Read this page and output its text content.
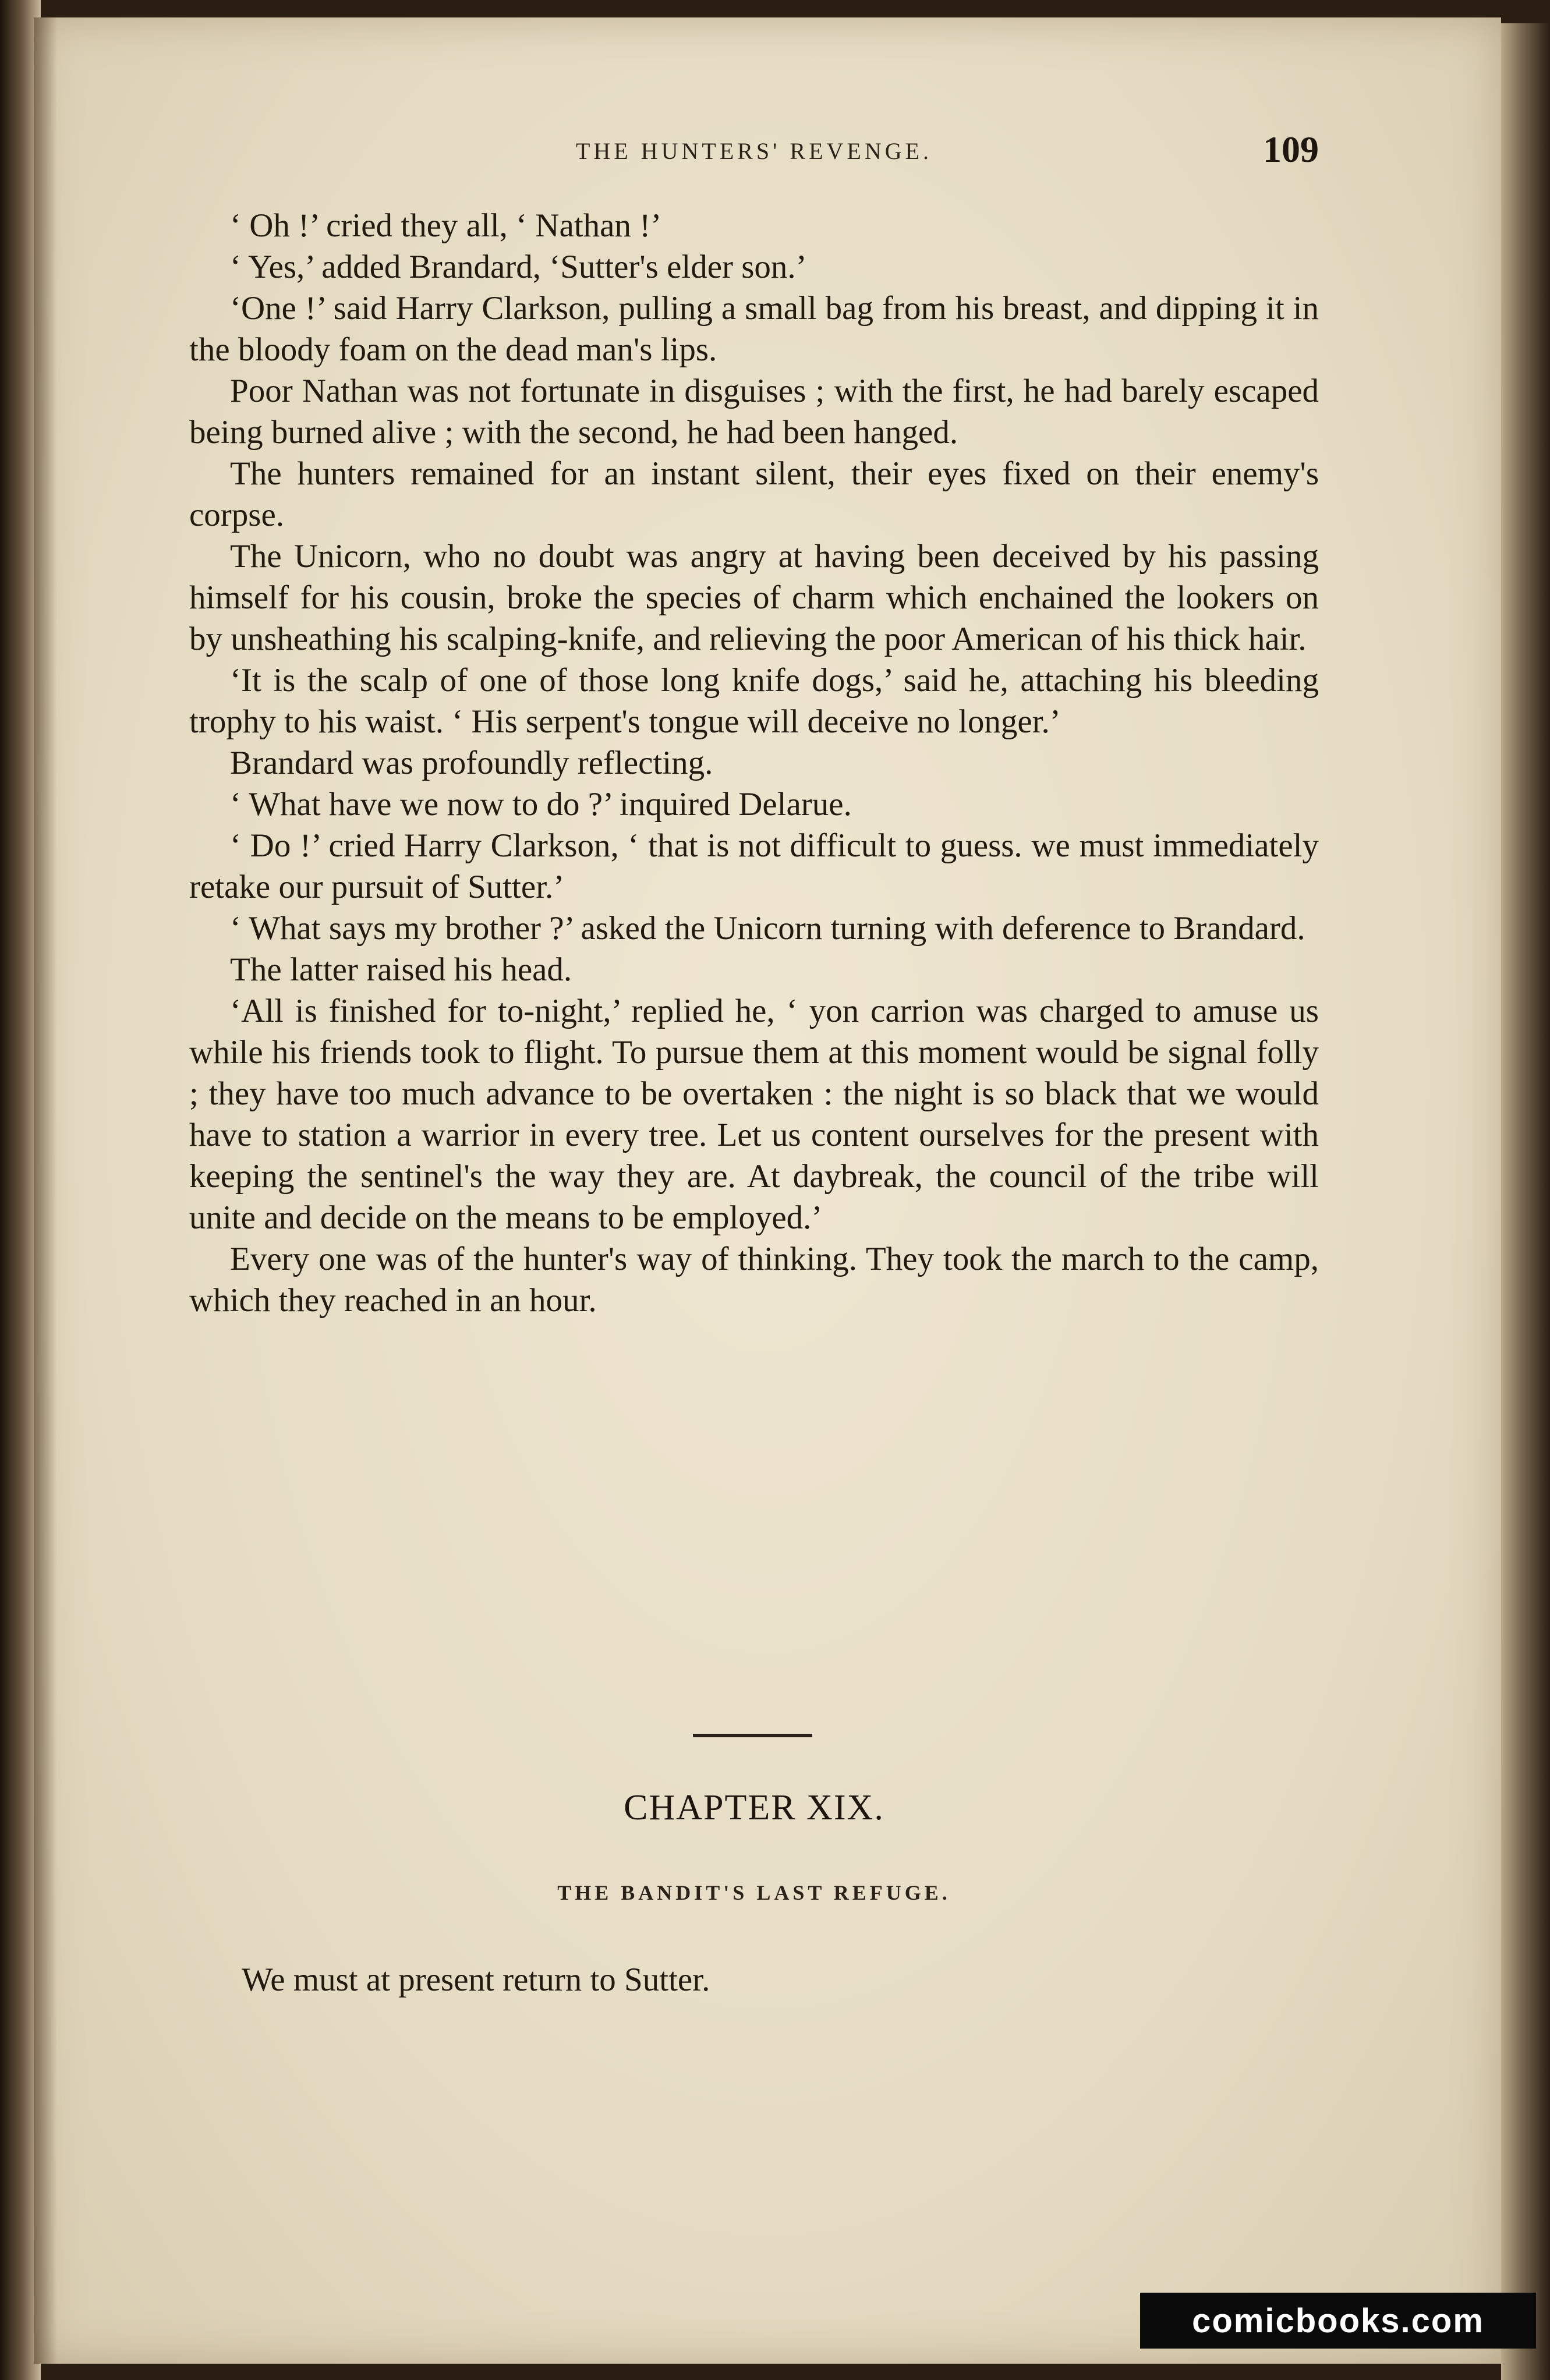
THE HUNTERS' REVENGE.	109

‘ Oh !’ cried they all, ‘ Nathan !’

‘ Yes,’ added Brandard, ‘Sutter's elder son.’

‘One !’ said Harry Clarkson, pulling a small bag from his breast, and dipping it in the bloody foam on the dead man's lips.

Poor Nathan was not fortunate in disguises ; with the first, he had barely escaped being burned alive ; with the second, he had been hanged.

The hunters remained for an instant silent, their eyes fixed on their enemy's corpse.

The Unicorn, who no doubt was angry at having been deceived by his passing himself for his cousin, broke the species of charm which enchained the lookers on by unsheathing his scalping-knife, and relieving the poor American of his thick hair.

‘It is the scalp of one of those long knife dogs,’ said he, attaching his bleeding trophy to his waist. ‘ His serpent's tongue will deceive no longer.’

Brandard was profoundly reflecting.

‘ What have we now to do ?’ inquired Delarue.

‘ Do !’ cried Harry Clarkson, ‘ that is not difficult to guess. we must immediately retake our pursuit of Sutter.’

‘ What says my brother ?’ asked the Unicorn turning with deference to Brandard.

The latter raised his head.

‘All is finished for to-night,’ replied he, ‘ yon carrion was charged to amuse us while his friends took to flight. To pursue them at this moment would be signal folly ; they have too much advance to be overtaken : the night is so black that we would have to station a warrior in every tree. Let us content ourselves for the present with keeping the sentinel's the way they are. At daybreak, the council of the tribe will unite and decide on the means to be employed.’

Every one was of the hunter's way of thinking. They took the march to the camp, which they reached in an hour.

CHAPTER XIX.
THE BANDIT'S LAST REFUGE.
We must at present return to Sutter.
comicbooks.com
